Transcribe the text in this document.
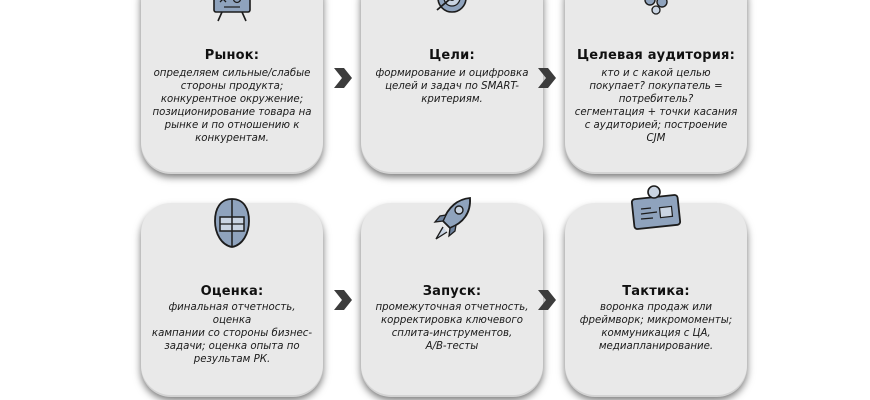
Рынок:
определяем сильные/слабые
стороны продукта;
конкурентное окружение;
позиционирование товара на
рынке и по отношению к
конкурентам.
Цели:
формирование и оцифровка
целей и задач по SMART-
критериям.
Целевая аудитория:
кто и с какой целью
покупает? покупатель =
потребитель?
сегментация + точки касания
с аудиторией; построение
CJM
Оценка:
финальная отчетность, оценка
кампании со стороны бизнес-
задачи; оценка опыта по
результам РК.
Запуск:
промежуточная отчетность,
корректировка ключевого
сплита-инструментов,
A/B-тесты
Тактика:
воронка продаж или
фреймворк; микромоменты;
коммуникация с ЦА,
медиапланирование.
